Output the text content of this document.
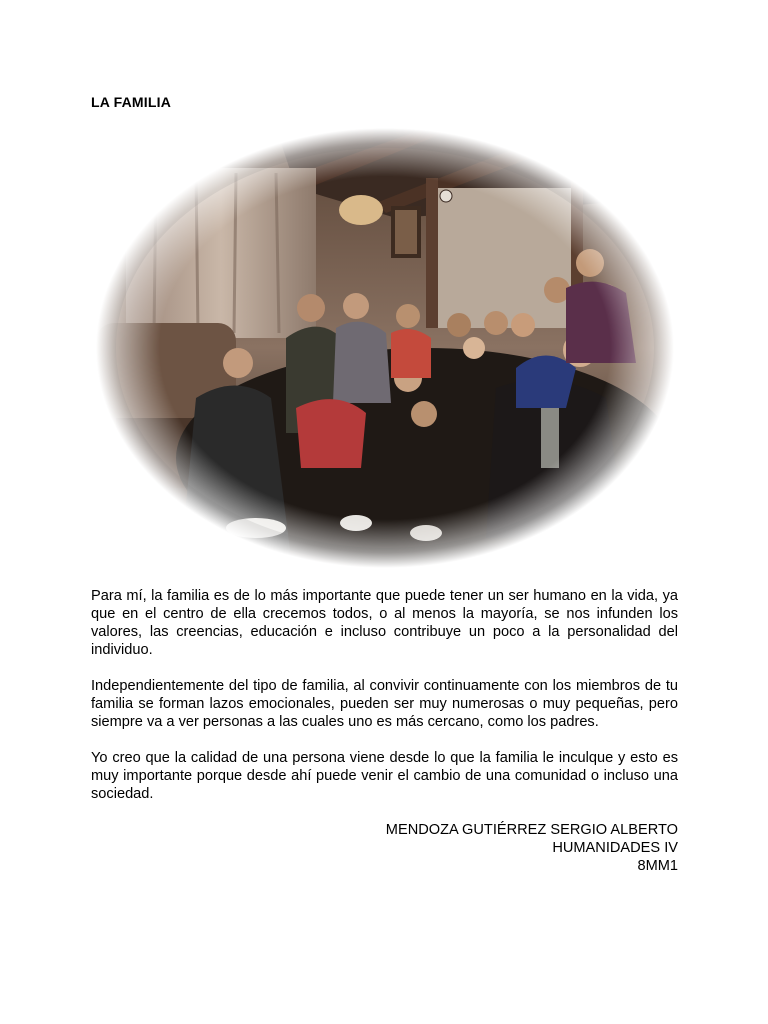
LA FAMILIA

Para mí, la familia es de lo más importante que puede tener un ser humano en la vida, ya que en el centro de ella crecemos todos, o al menos la mayoría, se nos infunden los valores, las creencias, educación e incluso contribuye un poco a la personalidad del individuo.

Independientemente del tipo de familia, al convivir continuamente con los miembros de tu familia se forman lazos emocionales, pueden ser muy numerosas o muy pequeñas, pero siempre va a ver personas a las cuales uno es más cercano, como los padres.

Yo creo que la calidad de una persona viene desde lo que la familia le inculque y esto es muy importante porque desde ahí puede venir el cambio de una comunidad o incluso una sociedad.

MENDOZA GUTIÉRREZ SERGIO ALBERTO
HUMANIDADES IV
8MM1
